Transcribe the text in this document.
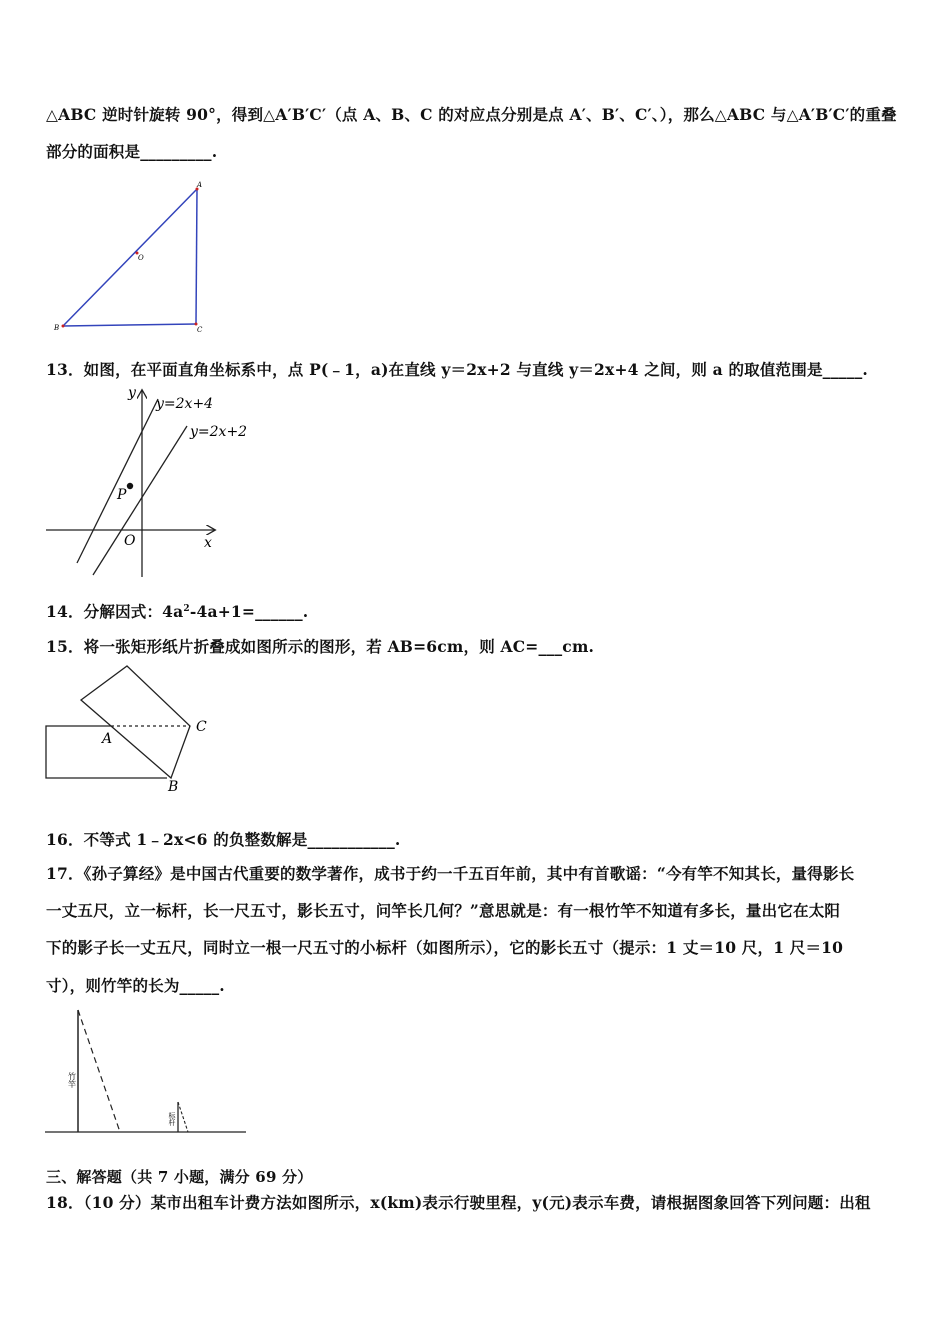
△ABC 逆时针旋转 90°，得到△A′B′C′（点 A、B、C 的对应点分别是点 A′、B′、C′、），那么△ABC 与△A′B′C′的重叠
部分的面积是_________.
A
B	C
O
13．如图，在平面直角坐标系中，点 P(﹣1，a)在直线 y＝2x+2 与直线 y＝2x+4 之间，则 a 的取值范围是_____.
y
x
O
P
y=2x+4
y=2x+2
14．分解因式：$4a^2-4a+1=\_\_\_\_\_\_$.
15．将一张矩形纸片折叠成如图所示的图形，若 AB=6cm，则 AC=___cm.
A
B
C
16．不等式 1﹣2x<6 的负整数解是___________.
17．《孙子算经》是中国古代重要的数学著作，成书于约一千五百年前，其中有首歌谣：“今有竿不知其长，量得影长
一丈五尺，立一标杆，长一尺五寸，影长五寸，问竿长几何？”意思就是：有一根竹竿不知道有多长，量出它在太阳
下的影子长一丈五尺，同时立一根一尺五寸的小标杆（如图所示），它的影长五寸（提示：1 丈＝10 尺，1 尺＝10
寸），则竹竿的长为_____.
竹竿
标杆
三、解答题（共 7 小题，满分 69 分）
18．（10 分）某市出租车计费方法如图所示，x(km)表示行驶里程，y(元)表示车费，请根据图象回答下列问题：出租
